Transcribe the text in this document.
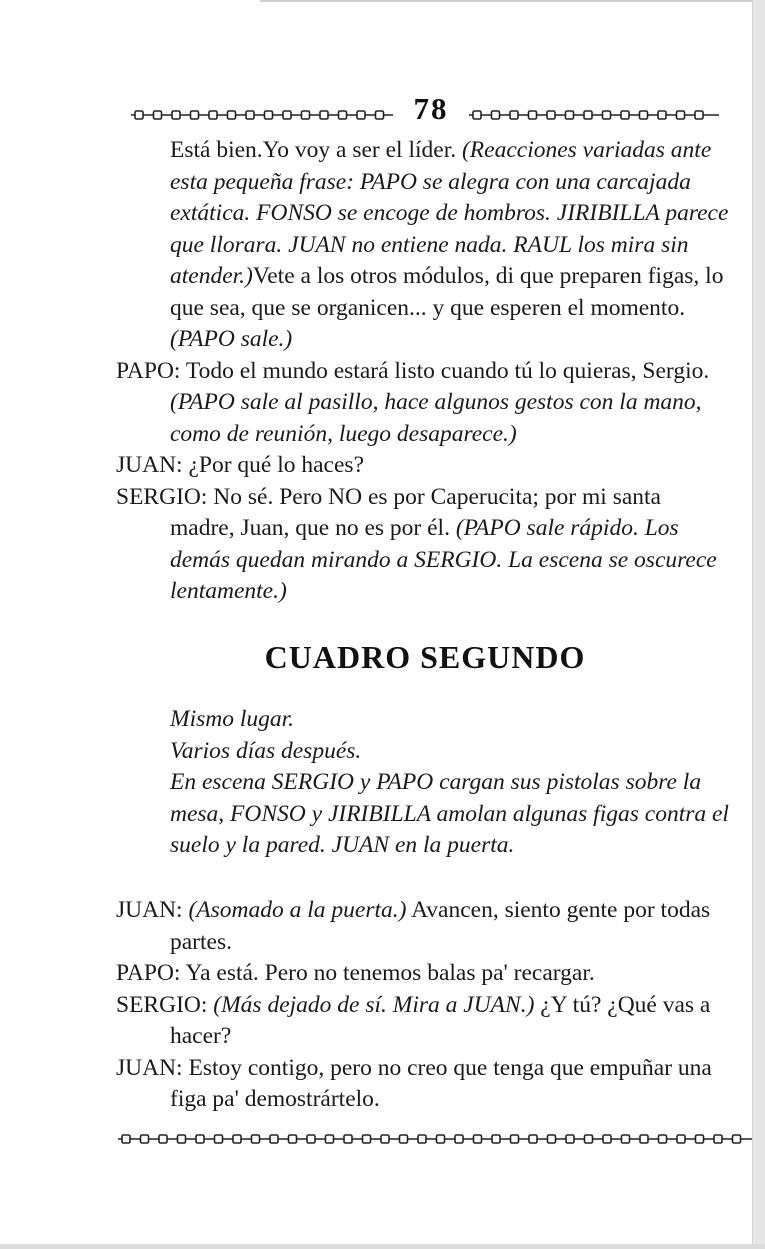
78

Está bien.Yo voy a ser el líder. (Reacciones variadas ante esta pequeña frase: PAPO se alegra con una carcajada extática. FONSO se encoge de hombros. JIRIBILLA parece que llorara. JUAN no entiene nada. RAUL los mira sin atender.)Vete a los otros módulos, di que preparen figas, lo que sea, que se organicen... y que esperen el momento. (PAPO sale.)

PAPO: Todo el mundo estará listo cuando tú lo quieras, Sergio. (PAPO sale al pasillo, hace algunos gestos con la mano, como de reunión, luego desaparece.)

JUAN: ¿Por qué lo haces?

SERGIO: No sé. Pero NO es por Caperucita; por mi santa madre, Juan, que no es por él. (PAPO sale rápido. Los demás quedan mirando a SERGIO. La escena se oscurece lentamente.)

CUADRO SEGUNDO

Mismo lugar.

Varios días después.

En escena SERGIO y PAPO cargan sus pistolas sobre la mesa, FONSO y JIRIBILLA amolan algunas figas contra el suelo y la pared. JUAN en la puerta.

JUAN: (Asomado a la puerta.) Avancen, siento gente por todas partes.

PAPO: Ya está. Pero no tenemos balas pa' recargar.

SERGIO: (Más dejado de sí. Mira a JUAN.) ¿Y tú? ¿Qué vas a hacer?

JUAN: Estoy contigo, pero no creo que tenga que empuñar una figa pa' demostrártelo.
